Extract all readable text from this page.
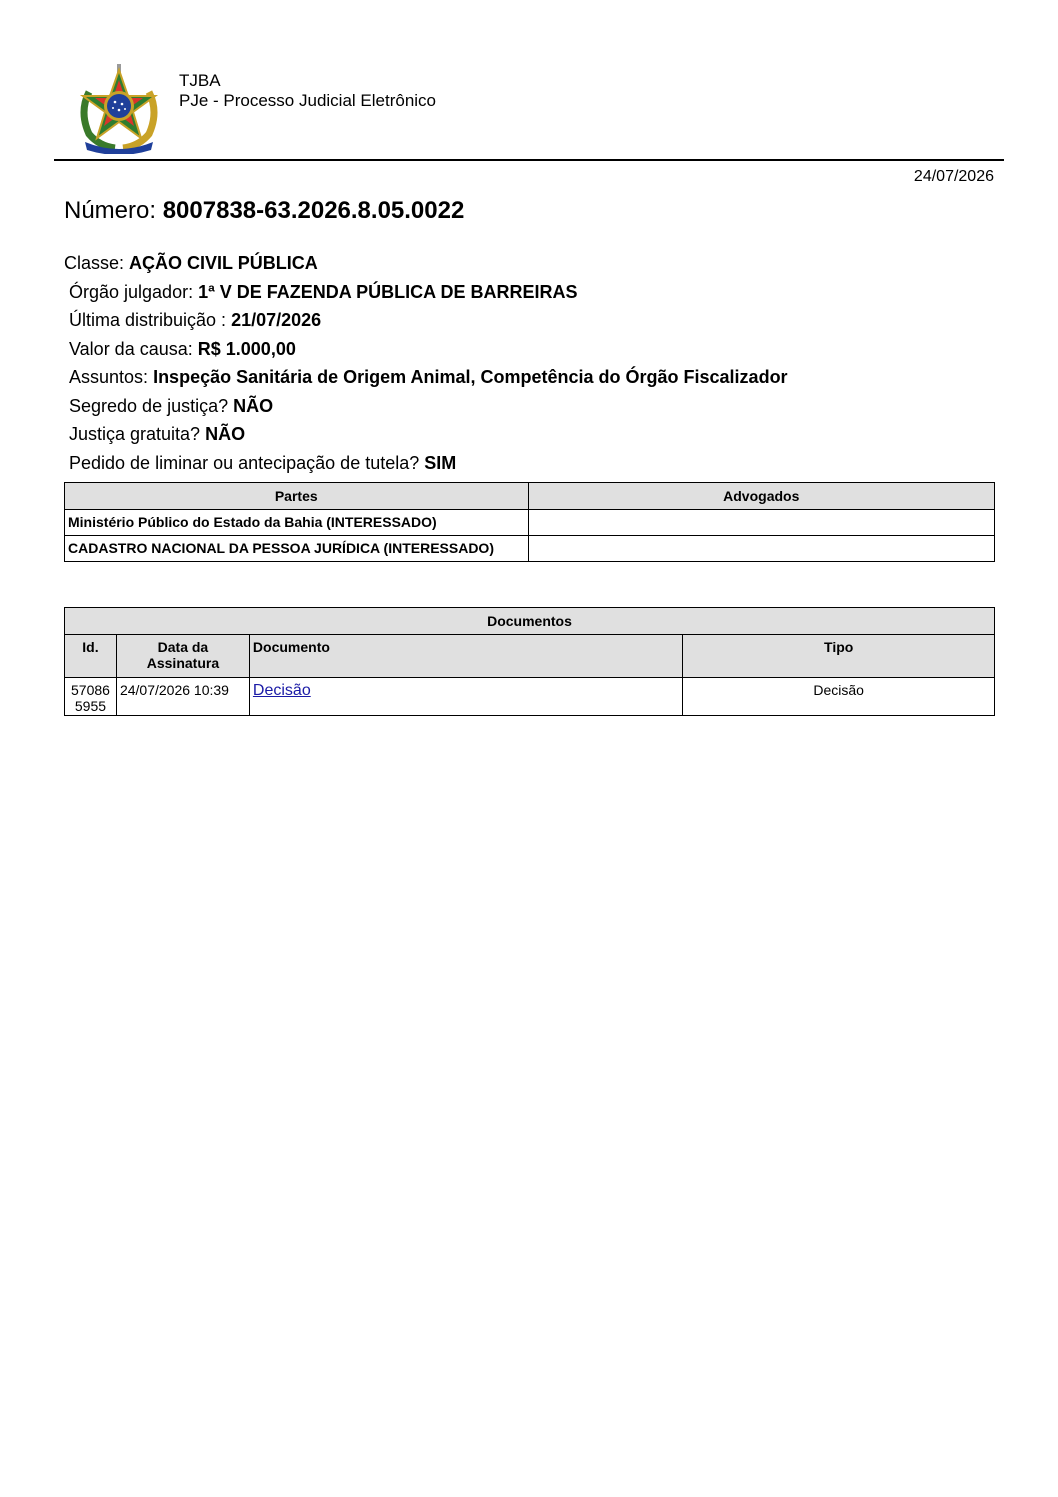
TJBA
PJe - Processo Judicial Eletrônico
24/07/2026
Número: 8007838-63.2026.8.05.0022
Classe: AÇÃO CIVIL PÚBLICA
Órgão julgador: 1ª V DE FAZENDA PÚBLICA DE BARREIRAS
Última distribuição : 21/07/2026
Valor da causa: R$ 1.000,00
Assuntos: Inspeção Sanitária de Origem Animal, Competência do Órgão Fiscalizador
Segredo de justiça? NÃO
Justiça gratuita? NÃO
Pedido de liminar ou antecipação de tutela? SIM
Partes	Advogados
Ministério Público do Estado da Bahia (INTERESSADO)	
CADASTRO NACIONAL DA PESSOA JURÍDICA (INTERESSADO)	
Documentos			
Id.	Data da Assinatura	Documento	Tipo
57086 5955	24/07/2026 10:39	Decisão	Decisão
